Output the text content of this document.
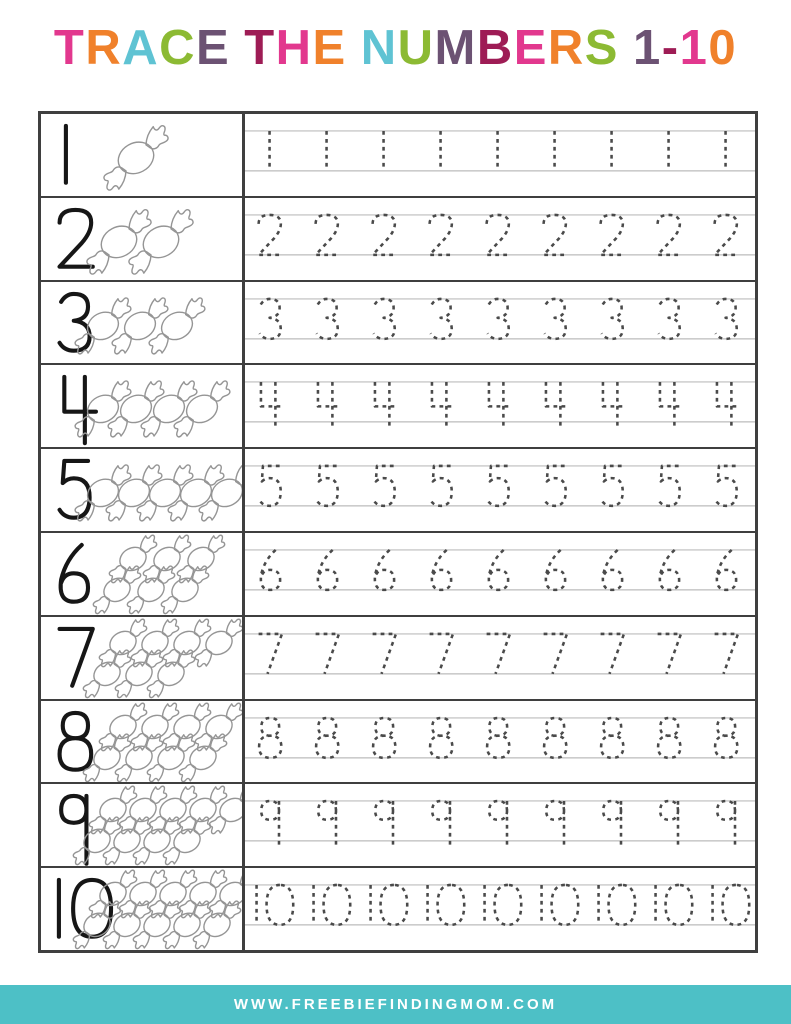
TRACE THE NUMBERS 1-10
WWW.FREEBIEFINDINGMOM.COM
